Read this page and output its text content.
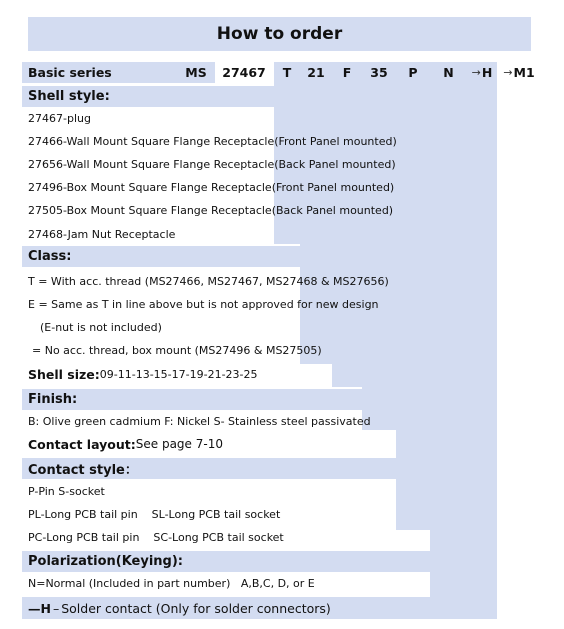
How to order
Basic series	MS	27467	T	21	F	35	P	N	→ H → M1
Shell style:
27467-plug
27466-Wall Mount Square Flange Receptacle(Front Panel mounted)
27656-Wall Mount Square Flange Receptacle(Back Panel mounted)
27496-Box Mount Square Flange Receptacle(Front Panel mounted)
27505-Box Mount Square Flange Receptacle(Back Panel mounted)
27468-Jam Nut Receptacle
Class:
T = With acc. thread (MS27466, MS27467, MS27468 & MS27656)
E = Same as T in line above but is not approved for new design
(E-nut is not included)
= No acc. thread, box mount (MS27496 & MS27505)
Shell size: 09-11-13-15-17-19-21-23-25
Finish:
B: Olive green cadmium F: Nickel S- Stainless steel passivated
Contact layout: See page 7-10
Contact style：
P-Pin S-socket
PL-Long PCB tail pin    SL-Long PCB tail socket
PC-Long PCB tail pin    SC-Long PCB tail socket
Polarization(Keying):
N=Normal (Included in part number)   A,B,C, D, or E
—H – Solder contact (Only for solder connectors)
